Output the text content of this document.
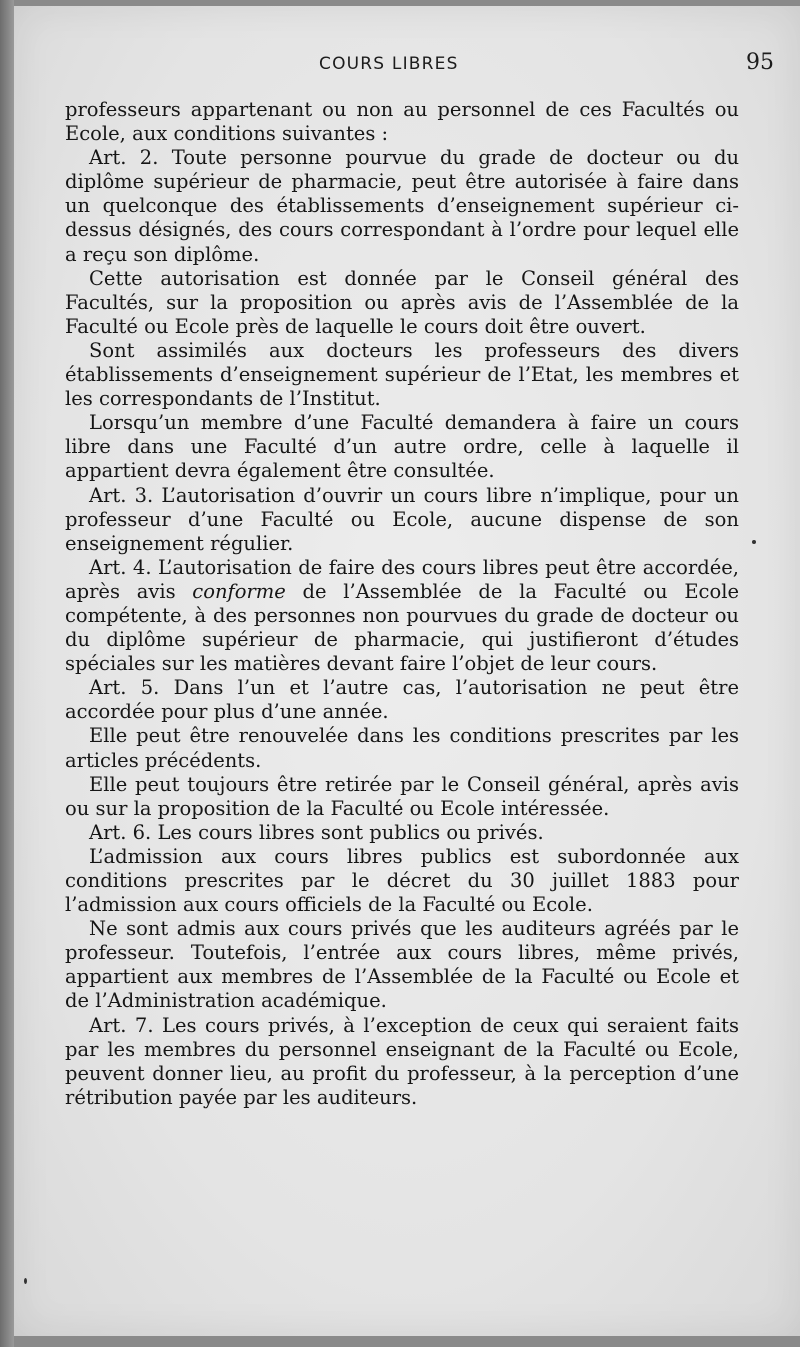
COURS LIBRES	95

professeurs appartenant ou non au personnel de ces Facultés ou Ecole, aux conditions suivantes :

Art. 2. Toute personne pourvue du grade de docteur ou du diplôme supérieur de pharmacie, peut être autorisée à faire dans un quelconque des établissements d’enseignement supérieur ci-dessus désignés, des cours correspondant à l’ordre pour lequel elle a reçu son diplôme.

Cette autorisation est donnée par le Conseil général des Facultés, sur la proposition ou après avis de l’Assemblée de la Faculté ou Ecole près de laquelle le cours doit être ouvert.

Sont assimilés aux docteurs les professeurs des divers établissements d’enseignement supérieur de l’Etat, les membres et les correspondants de l’Institut.

Lorsqu’un membre d’une Faculté demandera à faire un cours libre dans une Faculté d’un autre ordre, celle à laquelle il appartient devra également être consultée.

Art. 3. L’autorisation d’ouvrir un cours libre n’implique, pour un professeur d’une Faculté ou Ecole, aucune dispense de son enseignement régulier.

Art. 4. L’autorisation de faire des cours libres peut être accordée, après avis conforme de l’Assemblée de la Faculté ou Ecole compétente, à des personnes non pourvues du grade de docteur ou du diplôme supérieur de pharmacie, qui justifieront d’études spéciales sur les matières devant faire l’objet de leur cours.

Art. 5. Dans l’un et l’autre cas, l’autorisation ne peut être accordée pour plus d’une année.

Elle peut être renouvelée dans les conditions prescrites par les articles précédents.

Elle peut toujours être retirée par le Conseil général, après avis ou sur la proposition de la Faculté ou Ecole intéressée.

Art. 6. Les cours libres sont publics ou privés.

L’admission aux cours libres publics est subordonnée aux conditions prescrites par le décret du 30 juillet 1883 pour l’admission aux cours officiels de la Faculté ou Ecole.

Ne sont admis aux cours privés que les auditeurs agréés par le professeur. Toutefois, l’entrée aux cours libres, même privés, appartient aux membres de l’Assemblée de la Faculté ou Ecole et de l’Administration académique.

Art. 7. Les cours privés, à l’exception de ceux qui seraient faits par les membres du personnel enseignant de la Faculté ou Ecole, peuvent donner lieu, au profit du professeur, à la perception d’une rétribution payée par les auditeurs.
